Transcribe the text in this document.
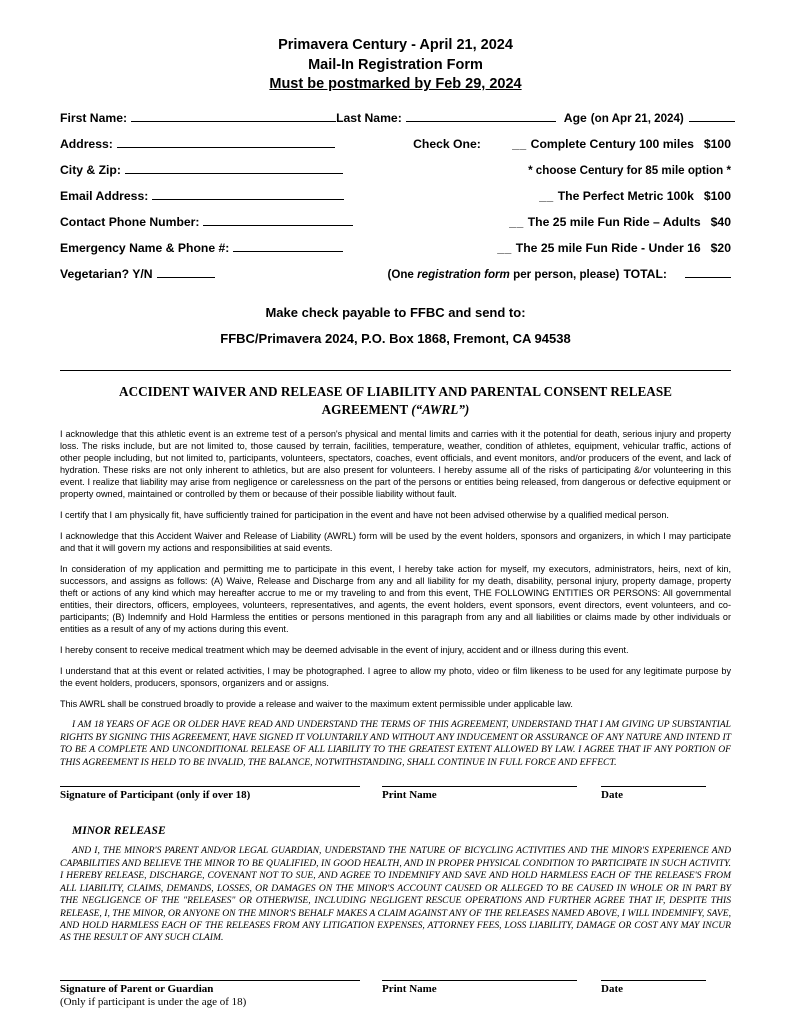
Primavera Century - April 21, 2024
Mail-In Registration Form
Must be postmarked by Feb 29, 2024
First Name:	Last Name:	Age (on Apr 21, 2024)
Address:	Check One:	__ Complete Century 100 miles $100
City & Zip:	* choose Century for 85 mile option *
Email Address:	__ The Perfect Metric 100k $100
Contact Phone Number:	__ The 25 mile Fun Ride – Adults $40
Emergency Name & Phone #:	__ The 25 mile Fun Ride - Under 16 $20
Vegetarian? Y/N	(One registration form per person, please) TOTAL:
Make check payable to FFBC and send to:
FFBC/Primavera 2024, P.O. Box 1868, Fremont, CA 94538
ACCIDENT WAIVER AND RELEASE OF LIABILITY AND PARENTAL CONSENT RELEASE
AGREEMENT (“AWRL”)

I acknowledge that this athletic event is an extreme test of a person's physical and mental limits and carries with it the potential for death, serious injury and property loss. The risks include, but are not limited to, those caused by terrain, facilities, temperature, weather, condition of athletes, equipment, vehicular traffic, actions of other people including, but not limited to, participants, volunteers, spectators, coaches, event officials, and event monitors, and/or producers of the event, and lack of hydration. These risks are not only inherent to athletics, but are also present for volunteers. I hereby assume all of the risks of participating &/or volunteering in this event. I realize that liability may arise from negligence or carelessness on the part of the persons or entities being released, from dangerous or defective equipment or property owned, maintained or controlled by them or because of their possible liability without fault.

I certify that I am physically fit, have sufficiently trained for participation in the event and have not been advised otherwise by a qualified medical person.

I acknowledge that this Accident Waiver and Release of Liability (AWRL) form will be used by the event holders, sponsors and organizers, in which I may participate and that it will govern my actions and responsibilities at said events.

In consideration of my application and permitting me to participate in this event, I hereby take action for myself, my executors, administrators, heirs, next of kin, successors, and assigns as follows: (A) Waive, Release and Discharge from any and all liability for my death, disability, personal injury, property damage, property theft or actions of any kind which may hereafter accrue to me or my traveling to and from this event, THE FOLLOWING ENTITIES OR PERSONS: All governmental entities, their directors, officers, employees, volunteers, representatives, and agents, the event holders, event sponsors, event directors, event volunteers, and co-participants; (B) Indemnify and Hold Harmless the entities or persons mentioned in this paragraph from any and all liabilities or claims made by other individuals or entities as a result of any of my actions during this event.

I hereby consent to receive medical treatment which may be deemed advisable in the event of injury, accident and or illness during this event.

I understand that at this event or related activities, I may be photographed. I agree to allow my photo, video or film likeness to be used for any legitimate purpose by the event holders, producers, sponsors, organizers and or assigns.

This AWRL shall be construed broadly to provide a release and waiver to the maximum extent permissible under applicable law.

I AM 18 YEARS OF AGE OR OLDER HAVE READ AND UNDERSTAND THE TERMS OF THIS AGREEMENT, UNDERSTAND THAT I AM GIVING UP SUBSTANTIAL RIGHTS BY SIGNING THIS AGREEMENT, HAVE SIGNED IT VOLUNTARILY AND WITHOUT ANY INDUCEMENT OR ASSURANCE OF ANY NATURE AND INTEND IT TO BE A COMPLETE AND UNCONDITIONAL RELEASE OF ALL LIABILITY TO THE GREATEST EXTENT ALLOWED BY LAW. I AGREE THAT IF ANY PORTION OF THIS AGREEMENT IS HELD TO BE INVALID, THE BALANCE, NOTWITHSTANDING, SHALL CONTINUE IN FULL FORCE AND EFFECT.

Signature of Participant (only if over 18)	Print Name	Date
MINOR RELEASE
AND I, THE MINOR'S PARENT AND/OR LEGAL GUARDIAN, UNDERSTAND THE NATURE OF BICYCLING ACTIVITIES AND THE MINOR'S EXPERIENCE AND CAPABILITIES AND BELIEVE THE MINOR TO BE QUALIFIED, IN GOOD HEALTH, AND IN PROPER PHYSICAL CONDITION TO PARTICIPATE IN SUCH ACTIVITY. I HEREBY RELEASE, DISCHARGE, COVENANT NOT TO SUE, AND AGREE TO INDEMNIFY AND SAVE AND HOLD HARMLESS EACH OF THE RELEASE'S FROM ALL LIABILITY, CLAIMS, DEMANDS, LOSSES, OR DAMAGES ON THE MINOR'S ACCOUNT CAUSED OR ALLEGED TO BE CAUSED IN WHOLE OR IN PART BY THE NEGLIGENCE OF THE "RELEASES" OR OTHERWISE, INCLUDING NEGLIGENT RESCUE OPERATIONS AND FURTHER AGREE THAT IF, DESPITE THIS RELEASE, I, THE MINOR, OR ANYONE ON THE MINOR'S BEHALF MAKES A CLAIM AGAINST ANY OF THE RELEASES NAMED ABOVE, I WILL INDEMNIFY, SAVE, AND HOLD HARMLESS EACH OF THE RELEASES FROM ANY LITIGATION EXPENSES, ATTORNEY FEES, LOSS LIABILITY, DAMAGE OR COST ANY MAY INCUR AS THE RESULT OF ANY SUCH CLAIM.
Signature of Parent or Guardian	Print Name	Date
(Only if participant is under the age of 18)
